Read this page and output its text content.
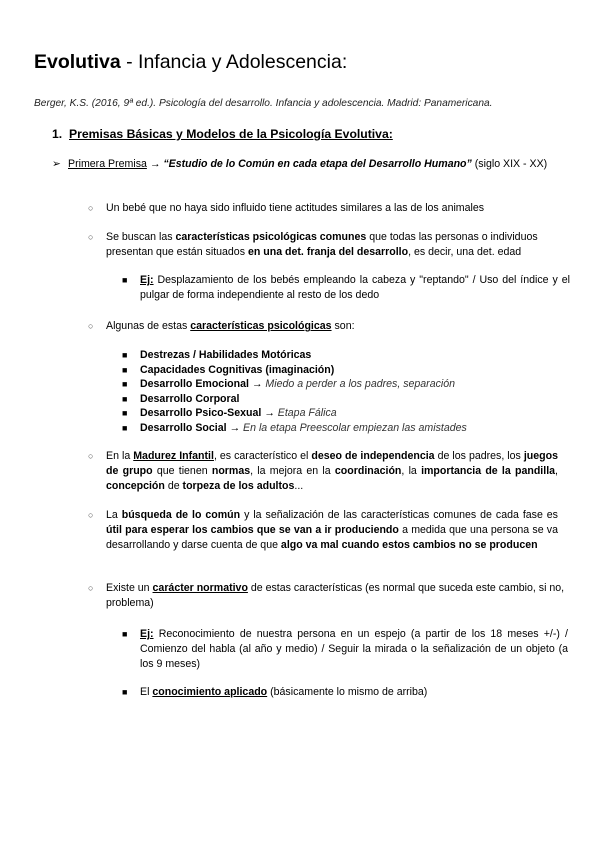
Evolutiva - Infancia y Adolescencia:
Berger, K.S. (2016, 9ª ed.). Psicología del desarrollo. Infancia y adolescencia. Madrid: Panamericana.
1. Premisas Básicas y Modelos de la Psicología Evolutiva:
➢ Primera Premisa → “Estudio de lo Común en cada etapa del Desarrollo Humano” (siglo XIX - XX)
○ Un bebé que no haya sido influido tiene actitudes similares a las de los animales
○ Se buscan las características psicológicas comunes que todas las personas o individuos presentan que están situados en una det. franja del desarrollo, es decir, una det. edad
■ Ej: Desplazamiento de los bebés empleando la cabeza y "reptando" / Uso del índice y el pulgar de forma independiente al resto de los dedo
○ Algunas de estas características psicológicas son:
■ Destrezas / Habilidades Motóricas
■ Capacidades Cognitivas (imaginación)
■ Desarrollo Emocional → Miedo a perder a los padres, separación
■ Desarrollo Corporal
■ Desarrollo Psico-Sexual → Etapa Fálica
■ Desarrollo Social → En la etapa Preescolar empiezan las amistades
○ En la Madurez Infantil, es característico el deseo de independencia de los padres, los juegos de grupo que tienen normas, la mejora en la coordinación, la importancia de la pandilla, concepción de torpeza de los adultos...
○ La búsqueda de lo común y la señalización de las características comunes de cada fase es útil para esperar los cambios que se van a ir produciendo a medida que una persona se va desarrollando y darse cuenta de que algo va mal cuando estos cambios no se producen
○ Existe un carácter normativo de estas características (es normal que suceda este cambio, si no, problema)
■ Ej: Reconocimiento de nuestra persona en un espejo (a partir de los 18 meses +/-) / Comienzo del habla (al año y medio) / Seguir la mirada o la señalización de un objeto (a los 9 meses)
■ El conocimiento aplicado (básicamente lo mismo de arriba)
